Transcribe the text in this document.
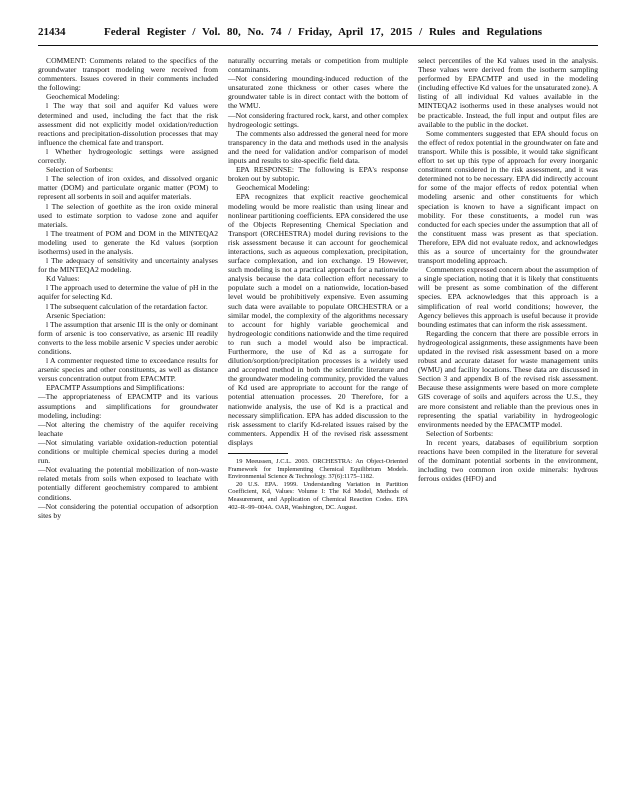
21434	Federal Register / Vol. 80, No. 74 / Friday, April 17, 2015 / Rules and Regulations

COMMENT: Comments related to the specifics of the groundwater transport modeling were received from commenters. Issues covered in their comments included the following:

Geochemical Modeling:

l The way that soil and aquifer Kd values were determined and used, including the fact that the risk assessment did not explicitly model oxidation/reduction reactions and precipitation-dissolution processes that may influence the chemical fate and transport.

l Whether hydrogeologic settings were assigned correctly.

Selection of Sorbents:

l The selection of iron oxides, and dissolved organic matter (DOM) and particulate organic matter (POM) to represent all sorbents in soil and aquifer materials.

l The selection of goethite as the iron oxide mineral used to estimate sorption to vadose zone and aquifer materials.

l The treatment of POM and DOM in the MINTEQA2 modeling used to generate the Kd values (sorption isotherms) used in the analysis.

l The adequacy of sensitivity and uncertainty analyses for the MINTEQA2 modeling.

Kd Values:

l The approach used to determine the value of pH in the aquifer for selecting Kd.

l The subsequent calculation of the retardation factor.

Arsenic Speciation:

l The assumption that arsenic III is the only or dominant form of arsenic is too conservative, as arsenic III readily converts to the less mobile arsenic V species under aerobic conditions.

l A commenter requested time to exceedance results for arsenic species and other constituents, as well as distance versus concentration output from EPACMTP.

EPACMTP Assumptions and Simplifications:

—The appropriateness of EPACMTP and its various assumptions and simplifications for groundwater modeling, including:

—Not altering the chemistry of the aquifer receiving leachate

—Not simulating variable oxidation-reduction potential conditions or multiple chemical species during a model run.

—Not evaluating the potential mobilization of non-waste related metals from soils when exposed to leachate with potentially different geochemistry compared to ambient conditions.

—Not considering the potential occupation of adsorption sites by

naturally occurring metals or competition from multiple contaminants.

—Not considering mounding-induced reduction of the unsaturated zone thickness or other cases where the groundwater table is in direct contact with the bottom of the WMU.

—Not considering fractured rock, karst, and other complex hydrogeologic settings.

The comments also addressed the general need for more transparency in the data and methods used in the analysis and the need for validation and/or comparison of model inputs and results to site-specific field data.

EPA RESPONSE: The following is EPA's response broken out by subtopic.

Geochemical Modeling:

EPA recognizes that explicit reactive geochemical modeling would be more realistic than using linear and nonlinear partitioning coefficients. EPA considered the use of the Objects Representing Chemical Speciation and Transport (ORCHESTRA) model during revisions to the risk assessment because it can account for geochemical interactions, such as aqueous complexation, precipitation, surface complexation, and ion exchange. 19 However, such modeling is not a practical approach for a nationwide analysis because the data collection effort necessary to populate such a model on a nationwide, location-based level would be prohibitively expensive. Even assuming such data were available to populate ORCHESTRA or a similar model, the complexity of the algorithms necessary to account for highly variable geochemical and hydrogeologic conditions nationwide and the time required to run such a model would also be impractical. Furthermore, the use of Kd as a surrogate for dilution/sorption/precipitation processes is a widely used and accepted method in both the scientific literature and the groundwater modeling community, provided the values of Kd used are appropriate to account for the range of potential attenuation processes. 20 Therefore, for a nationwide analysis, the use of Kd is a practical and necessary simplification. EPA has added discussion to the risk assessment to clarify Kd-related issues raised by the commenters. Appendix H of the revised risk assessment displays

19 Meeussen, J.C.L. 2003. ORCHESTRA: An Object-Oriented Framework for Implementing Chemical Equilibrium Models. Environmental Science & Technology. 37(6):1175–1182.

20 U.S. EPA. 1999. Understanding Variation in Partition Coefficient, Kd, Values: Volume I: The Kd Model, Methods of Measurement, and Application of Chemical Reaction Codes. EPA 402–R–99–004A. OAR, Washington, DC. August.

select percentiles of the Kd values used in the analysis. These values were derived from the isotherm sampling performed by EPACMTP and used in the modeling (including effective Kd values for the unsaturated zone). A listing of all individual Kd values available in the MINTEQA2 isotherms used in these analyses would not be practicable. Instead, the full input and output files are available to the public in the docket.

Some commenters suggested that EPA should focus on the effect of redox potential in the groundwater on fate and transport. While this is possible, it would take significant effort to set up this type of approach for every inorganic constituent considered in the risk assessment, and it was determined not to be necessary. EPA did indirectly account for some of the major effects of redox potential when modeling arsenic and other constituents for which speciation is known to have a significant impact on mobility. For these constituents, a model run was conducted for each species under the assumption that all of the constituent mass was present as that speciation. Therefore, EPA did not evaluate redox, and acknowledges this as a source of uncertainty for the groundwater transport modeling approach.

Commenters expressed concern about the assumption of a single speciation, noting that it is likely that constituents will be present as some combination of the different species. EPA acknowledges that this approach is a simplification of real world conditions; however, the Agency believes this approach is useful because it provide bounding estimates that can inform the risk assessment.

Regarding the concern that there are possible errors in hydrogeological assignments, these assignments have been updated in the revised risk assessment based on a more robust and accurate dataset for waste management units (WMU) and facility locations. These data are discussed in Section 3 and appendix B of the revised risk assessment. Because these assignments were based on more complete GIS coverage of soils and aquifers across the U.S., they are more consistent and reliable than the previous ones in representing the spatial variability in hydrogeologic environments needed by the EPACMTP model.

Selection of Sorbents:

In recent years, databases of equilibrium sorption reactions have been compiled in the literature for several of the dominant potential sorbents in the environment, including two common iron oxide minerals: hydrous ferrous oxides (HFO) and
